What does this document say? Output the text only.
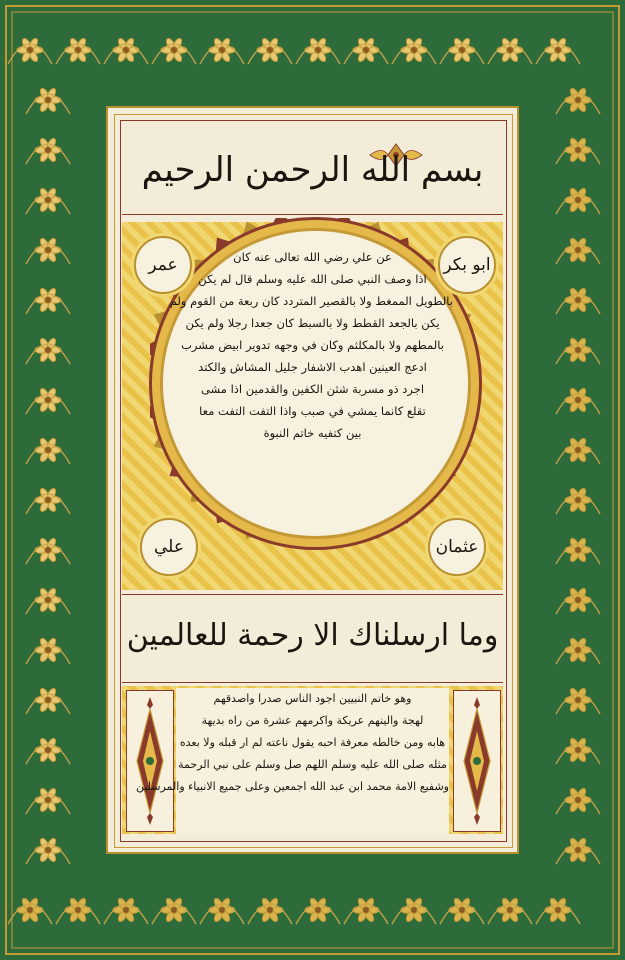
بسم الله الرحمن الرحيم
عن علي رضي الله تعالى عنه كان
اذا وصف النبي صلى الله عليه وسلم قال لم يكن
بالطويل الممغط ولا بالقصير المتردد كان ربعة من القوم ولم
يكن بالجعد القطط ولا بالسبط كان جعدا رجلا ولم يكن
بالمطهم ولا بالمكلثم وكان في وجهه تدوير ابيض مشرب
ادعج العينين اهدب الاشفار جليل المشاش والكتد
اجرد ذو مسربة شثن الكفين والقدمين اذا مشى
تقلع كانما يمشي في صبب واذا التفت التفت معا
بين كتفيه خاتم النبوة
ابو بكر
عمر
عثمان
علي
وما ارسلناك الا رحمة للعالمين
وهو خاتم النبيين اجود الناس صدرا واصدقهم
لهجة والينهم عريكة واكرمهم عشرة من راه بديهة
هابه ومن خالطه معرفة احبه يقول ناعته لم ار قبله ولا بعده
مثله صلى الله عليه وسلم اللهم صل وسلم على نبي الرحمة
وشفيع الامة محمد ابن عبد الله اجمعين وعلى جميع الانبياء والمرسلين
